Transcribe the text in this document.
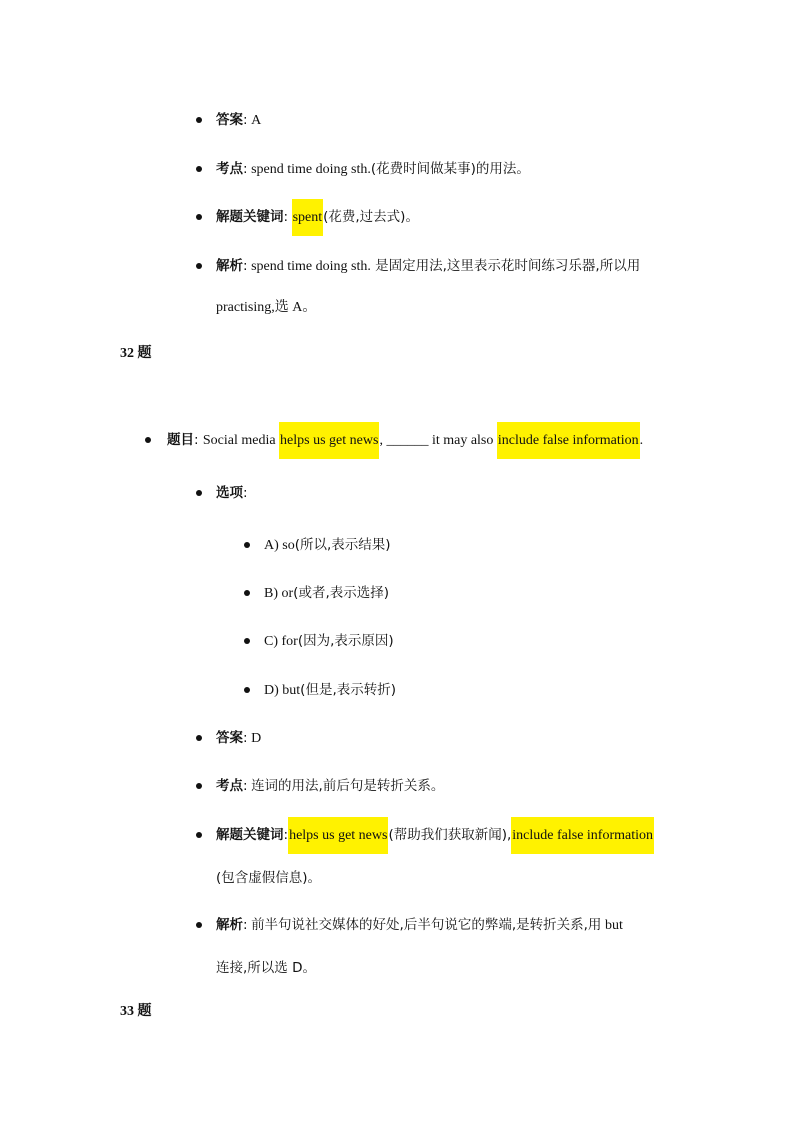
答案: A
考点: spend time doing sth.(花费时间做某事)的用法。
解题关键词: spent(花费,过去式)。
解析: spend time doing sth. 是固定用法,这里表示花时间练习乐器,所以用
practising,选 A。
32 题
题目: Social media helps us get news, ______ it may also include false information.
选项:
A) so(所以,表示结果)
B) or(或者,表示选择)
C) for(因为,表示原因)
D) but(但是,表示转折)
答案: D
考点: 连词的用法,前后句是转折关系。
解题关键词:helps us get news(帮助我们获取新闻),include false information
(包含虚假信息)。
解析: 前半句说社交媒体的好处,后半句说它的弊端,是转折关系,用 but
连接,所以选 D。
33 题
